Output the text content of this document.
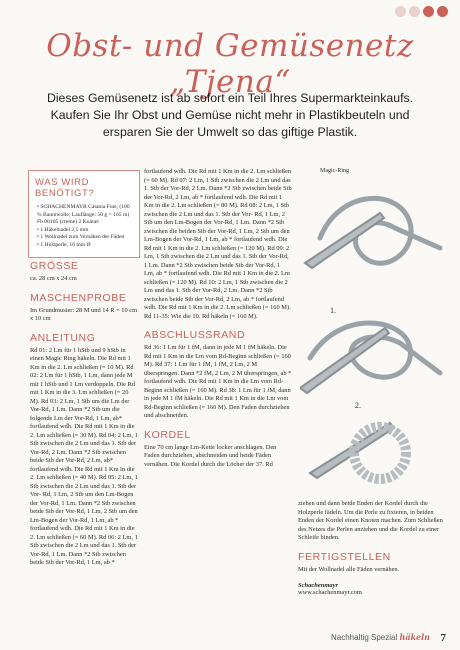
Obst- und Gemüsenetz „Tjena“
Dieses Gemüsenetz ist ab sofort ein Teil Ihres Supermarkteinkaufs. Kaufen Sie Ihr Obst und Gemüse nicht mehr in Plastikbeuteln und ersparen Sie der Umwelt so das giftige Plastik.
WAS WIRD BENÖTIGT?
• SCHACHENMAYR Catania Fine, (100 % Baumwolle; Lauflänge: 50 g = 165 m) Fb 00105 (creme) 2 Knäuel
• 1 Häkelnadel 2,5 mm
• 1 Wollnadel zum Vernähen der Fäden
• 1 Holzperle, 16 mm Ø
GRÖSSE

ca. 28 cm x 24 cm

MASCHENPROBE

Im Grundmuster: 28 M und 14 R = 10 cm x 10 cm

ANLEITUNG

Rd 01: 2 Lm für 1 hStb und 9 hStb in einen Magic Ring häkeln. Die Rd mit 1 Km in die 2. Lm schließen (= 10 M). Rd 02: 2 Lm für 1 hStb, 1 Lm, dann jede M mit 1 hStb und 1 Lm verdoppeln. Die Rd mit 1 Km in die 3. Lm schließen (= 20 M). Rd 03: 2 Lm, 1 Stb um die Lm der Vor-Rd, 1 Lm. Dann *2 Stb um die folgende Lm der Vor-Rd, 1 Lm, ab* fortlaufend wdh. Die Rd mit 1 Km in die 2. Lm schließen (= 30 M). Rd 04: 2 Lm, 1 Stb zwischen die 2 Lm und das 1. Stb der Vor-Rd, 2 Lm. Dann *2 Stb zwischen beide Stb der Vor-Rd, 2 Lm, ab* fortlaufend wdh. Die Rd mit 1 Km in die 2. Lm schließen (= 40 M). Rd 05: 2 Lm, 1 Stb zwischen die 2 Lm und das 1. Stb der Vor- Rd, 1 Lm, 2 Stb um den Lm-Bogen der Vor-Rd, 1 Lm. Dann *2 Stb zwischen beide Stb der Vor-Rd, 1 Lm, 2 Stb um den Lm-Bogen der Vor-Rd, 1 Lm, ab * fortlaufend wdh. Die Rd mit 1 Km in die 2. Lm schließen (= 60 M). Rd 06: 2 Lm, 1 Stb zwischen die 2 Lm und das 1. Stb der Vor-Rd, 1 Lm. Dann *2 Stb zwischen beide Stb der Vor-Rd, 1 Lm, ab *

fortlaufend wdh. Die Rd mit 1 Km in die 2. Lm schließen (= 60 M). Rd 07: 2 Lm, 1 Stb zwischen die 2 Lm und das 1. Stb der Vor-Rd, 2 Lm. Dann *2 Stb zwischen beide Stb der Vor-Rd, 2 Lm, ab * fortlaufend wdh. Die Rd mit 1 Km in die 2. Lm schließen (= 80 M). Rd 08: 2 Lm, 1 Stb zwischen die 2 Lm und das 1. Stb der Vor- Rd, 1 Lm, 2 Stb um den Lm-Bogen der Vor-Rd, 1 Lm. Dann *2 Stb zwischen die beiden Stb der Vor-Rd, 1 Lm, 2 Stb um den Lm-Bogen der Vor-Rd, 1 Lm, ab * fortlaufend wdh. Die Rd mit 1 Km in die 2. Lm schließen (= 120 M). Rd 09: 2 Lm, 1 Stb zwischen die 2 Lm und das 1. Stb der Vor-Rd, 1 Lm. Dann *2 Stb zwischen beide Stb der Vor-Rd, 1 Lm, ab * fortlaufend wdh. Die Rd mit 1 Km in die 2. Lm schließen (= 120 M). Rd 10: 2 Lm, 1 Stb zwischen die 2 Lm und das 1. Stb der Vor-Rd, 2 Lm. Dann *2 Stb zwischen beide Stb der Vor-Rd, 2 Lm, ab * fortlaufend wdh. Die Rd mit 1 Km in die 2. Lm schließen (= 160 M). Rd 11-35: Wie die 10. Rd häkeln (= 160 M).

ABSCHLUSSRAND

Rd 36: 1 Lm für 1 fM, dann in jede M 1 fM häkeln. Die Rd mit 1 Km in die Lm vom Rd-Beginn schließen (= 160 M). Rd 37: 1 Lm für 1 fM, 1 fM, 2 Lm, 2 M überspringen. Dann *2 fM, 2 Lm, 2 M überspringen, ab * fortlaufend wdh. Die Rd mit 1 Km in die Lm vom Rd-Beginn schließen (= 160 M). Rd 38: 1 Lm für 1 fM, dann in jede M 1 fM häkeln. Die Rd mit 1 Km in die Lm vom Rd-Beginn schließen (= 160 M). Den Faden durchziehen und abschneiden.

KORDEL

Eine 70 cm lange Lm-Kette locker anschlagen. Den Faden durchziehen, abschneiden und beide Fäden vernähen. Die Kordel durch die Löcher der 37. Rd

Magic-Ring
1.
2.

ziehen und dann beide Enden der Kordel durch die Holzperle fädeln. Um die Perle zu fixieren, in beiden Enden der Kordel einen Knoten machen. Zum Schließen des Netzes die Perlen anziehen und die Kordel zu einer Schleife binden.

FERTIGSTELLEN

Mit der Wollnadel alle Fäden vernähen.

Schachenmayr
www.schachenmayr.com
Nachhaltig Spezial häkeln 7
